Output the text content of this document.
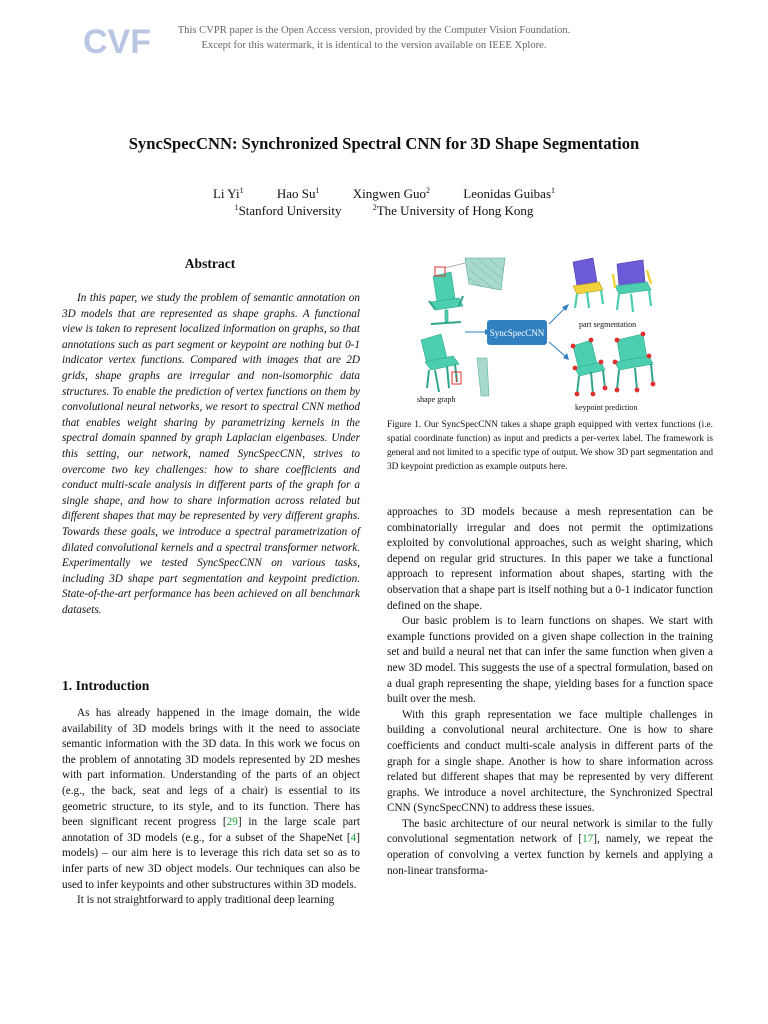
CVF	This CVPR paper is the Open Access version, provided by the Computer Vision Foundation.
Except for this watermark, it is identical to the version available on IEEE Xplore.
SyncSpecCNN: Synchronized Spectral CNN for 3D Shape Segmentation
Li Yi$^1$	Hao Su$^1$	Xingwen Guo$^2$	Leonidas Guibas$^1$
$^1$Stanford University	$^2$The University of Hong Kong
Abstract
In this paper, we study the problem of semantic annotation on 3D models that are represented as shape graphs. A functional view is taken to represent localized information on graphs, so that annotations such as part segment or keypoint are nothing but 0-1 indicator vertex functions. Compared with images that are 2D grids, shape graphs are irregular and non-isomorphic data structures. To enable the prediction of vertex functions on them by convolutional neural networks, we resort to spectral CNN method that enables weight sharing by parametrizing kernels in the spectral domain spanned by graph Laplacian eigenbases. Under this setting, our network, named SyncSpecCNN, strives to overcome two key challenges: how to share coefficients and conduct multi-scale analysis in different parts of the graph for a single shape, and how to share information across related but different shapes that may be represented by very different graphs. Towards these goals, we introduce a spectral parametrization of dilated convolutional kernels and a spectral transformer network. Experimentally we tested SyncSpecCNN on various tasks, including 3D shape part segmentation and keypoint prediction. State-of-the-art performance has been achieved on all benchmark datasets.
1. Introduction

As has already happened in the image domain, the wide availability of 3D models brings with it the need to associate semantic information with the 3D data. In this work we focus on the problem of annotating 3D models represented by 2D meshes with part information. Understanding of the parts of an object (e.g., the back, seat and legs of a chair) is essential to its geometric structure, to its style, and to its function. There has been significant recent progress [29] in the large scale part annotation of 3D models (e.g., for a subset of the ShapeNet [4] models) – our aim here is to leverage this rich data set so as to infer parts of new 3D object models. Our techniques can also be used to infer keypoints and other substructures within 3D models.

It is not straightforward to apply traditional deep learning

1
shape graph
SyncSpecCNN
part segmentation
keypoint prediction
Figure 1. Our SyncSpecCNN takes a shape graph equipped with vertex functions (i.e. spatial coordinate function) as input and predicts a per-vertex label. The framework is general and not limited to a specific type of output. We show 3D part segmentation and 3D keypoint prediction as example outputs here.

approaches to 3D models because a mesh representation can be combinatorially irregular and does not permit the optimizations exploited by convolutional approaches, such as weight sharing, which depend on regular grid structures. In this paper we take a functional approach to represent information about shapes, starting with the observation that a shape part is itself nothing but a 0-1 indicator function defined on the shape.

Our basic problem is to learn functions on shapes. We start with example functions provided on a given shape collection in the training set and build a neural net that can infer the same function when given a new 3D model. This suggests the use of a spectral formulation, based on a dual graph representing the shape, yielding bases for a function space built over the mesh.

With this graph representation we face multiple challenges in building a convolutional neural architecture. One is how to share coefficients and conduct multi-scale analysis in different parts of the graph for a single shape. Another is how to share information across related but different shapes that may be represented by very different graphs. We introduce a novel architecture, the Synchronized Spectral CNN (SyncSpecCNN) to address these issues.

The basic architecture of our neural network is similar to the fully convolutional segmentation network of [17], namely, we repeat the operation of convolving a vertex function by kernels and applying a non-linear transforma-
